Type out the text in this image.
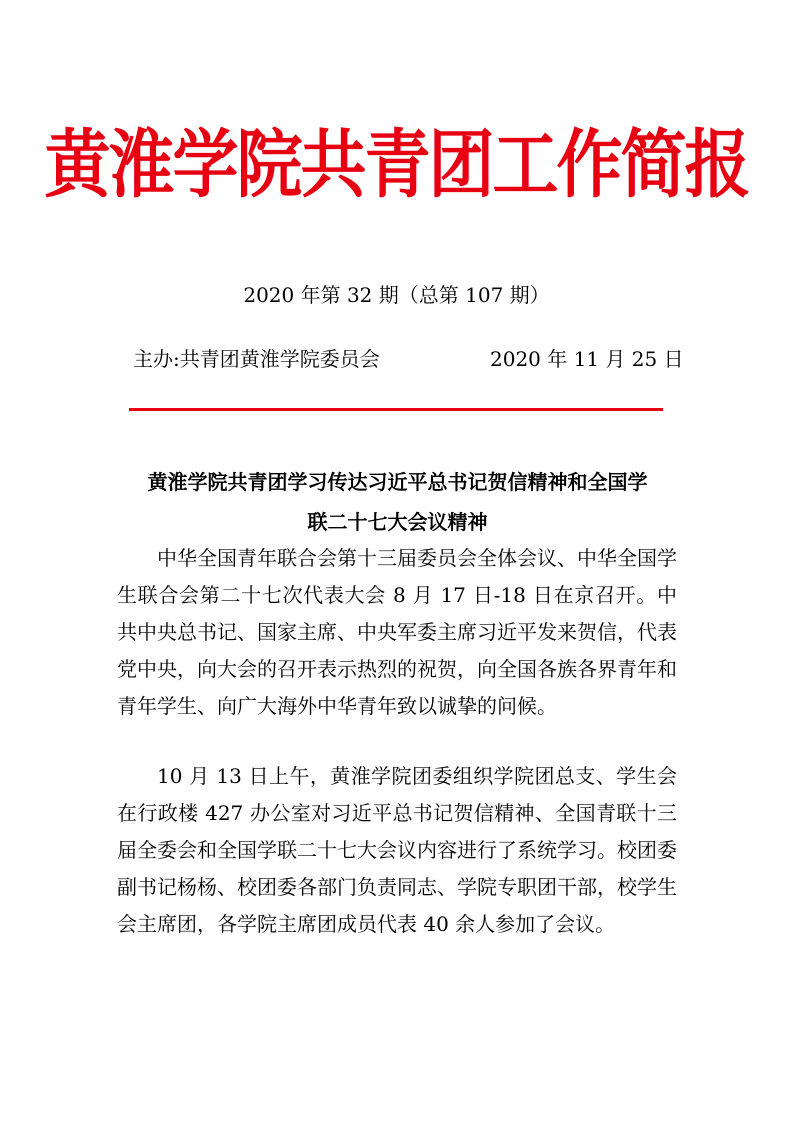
黄淮学院共青团工作简报
2020 年第 32 期（总第 107 期）
主办:共青团黄淮学院委员会	2020 年 11 月 25 日
黄淮学院共青团学习传达习近平总书记贺信精神和全国学
联二十七大会议精神

中华全国青年联合会第十三届委员会全体会议、中华全国学生联合会第二十七次代表大会 8 月 17 日-18 日在京召开。中共中央总书记、国家主席、中央军委主席习近平发来贺信，代表党中央，向大会的召开表示热烈的祝贺，向全国各族各界青年和青年学生、向广大海外中华青年致以诚挚的问候。

10 月 13 日上午，黄淮学院团委组织学院团总支、学生会在行政楼 427 办公室对习近平总书记贺信精神、全国青联十三届全委会和全国学联二十七大会议内容进行了系统学习。校团委副书记杨杨、校团委各部门负责同志、学院专职团干部，校学生会主席团，各学院主席团成员代表 40 余人参加了会议。
